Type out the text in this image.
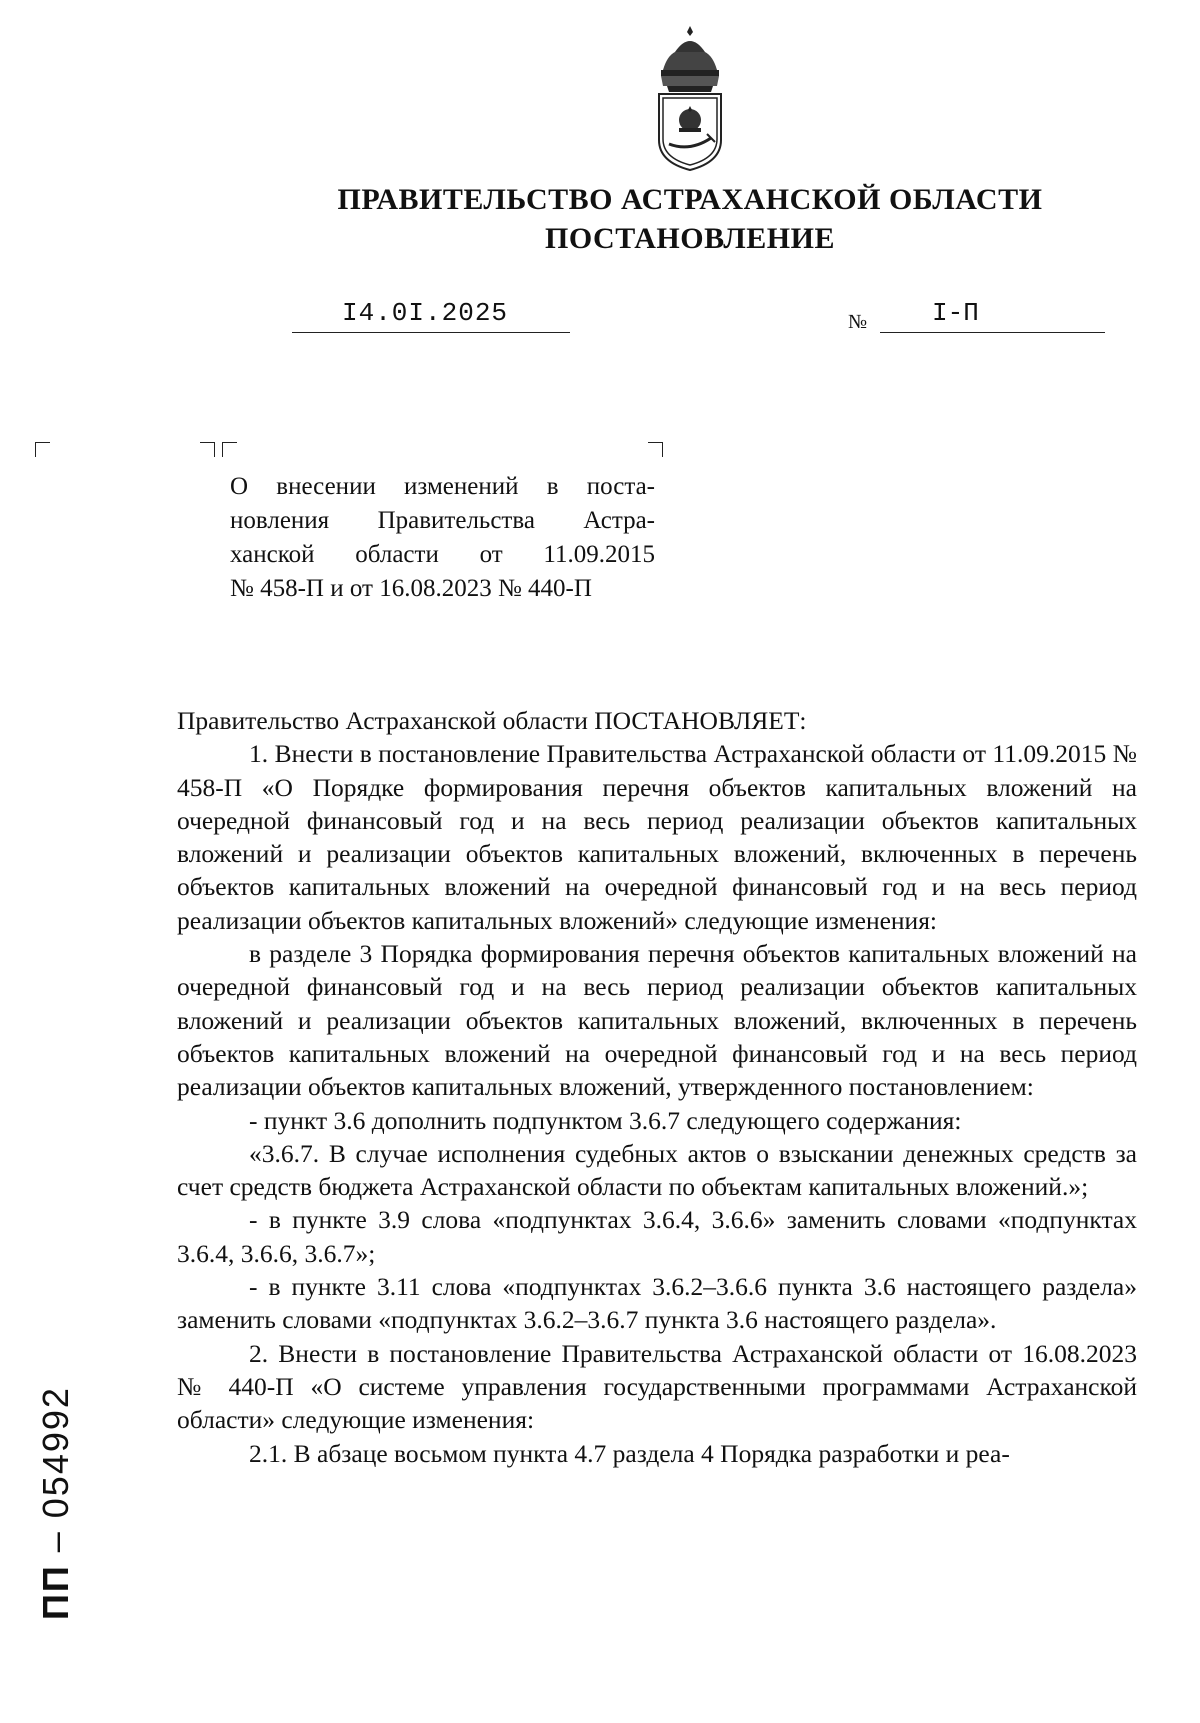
ПРАВИТЕЛЬСТВО АСТРАХАНСКОЙ ОБЛАСТИ
ПОСТАНОВЛЕНИЕ
I4.0I.2025	№ I-П
О внесении изменений в поста-
новления Правительства Астра-
ханской области от 11.09.2015
№ 458-П и от 16.08.2023 № 440-П

Правительство Астраханской области ПОСТАНОВЛЯЕТ:

1. Внести в постановление Правительства Астраханской области от 11.09.2015 № 458-П «О Порядке формирования перечня объектов капитальных вложений на очередной финансовый год и на весь период реализации объектов капитальных вложений и реализации объектов капитальных вложений, включенных в перечень объектов капитальных вложений на очередной финансовый год и на весь период реализации объектов капитальных вложений» следующие изменения:

в разделе 3 Порядка формирования перечня объектов капитальных вложений на очередной финансовый год и на весь период реализации объектов капитальных вложений и реализации объектов капитальных вложений, включенных в перечень объектов капитальных вложений на очередной финансовый год и на весь период реализации объектов капитальных вложений, утвержденного постановлением:

- пункт 3.6 дополнить подпунктом 3.6.7 следующего содержания:

«3.6.7. В случае исполнения судебных актов о взыскании денежных средств за счет средств бюджета Астраханской области по объектам капитальных вложений.»;

- в пункте 3.9 слова «подпунктах 3.6.4, 3.6.6» заменить словами «подпунктах 3.6.4, 3.6.6, 3.6.7»;

- в пункте 3.11 слова «подпунктах 3.6.2–3.6.6 пункта 3.6 настоящего раздела» заменить словами «подпунктах 3.6.2–3.6.7 пункта 3.6 настоящего раздела».

2. Внести в постановление Правительства Астраханской области от 16.08.2023 № 440-П «О системе управления государственными программами Астраханской области» следующие изменения:

2.1. В абзаце восьмом пункта 4.7 раздела 4 Порядка разработки и реа-

ПП – 054992
